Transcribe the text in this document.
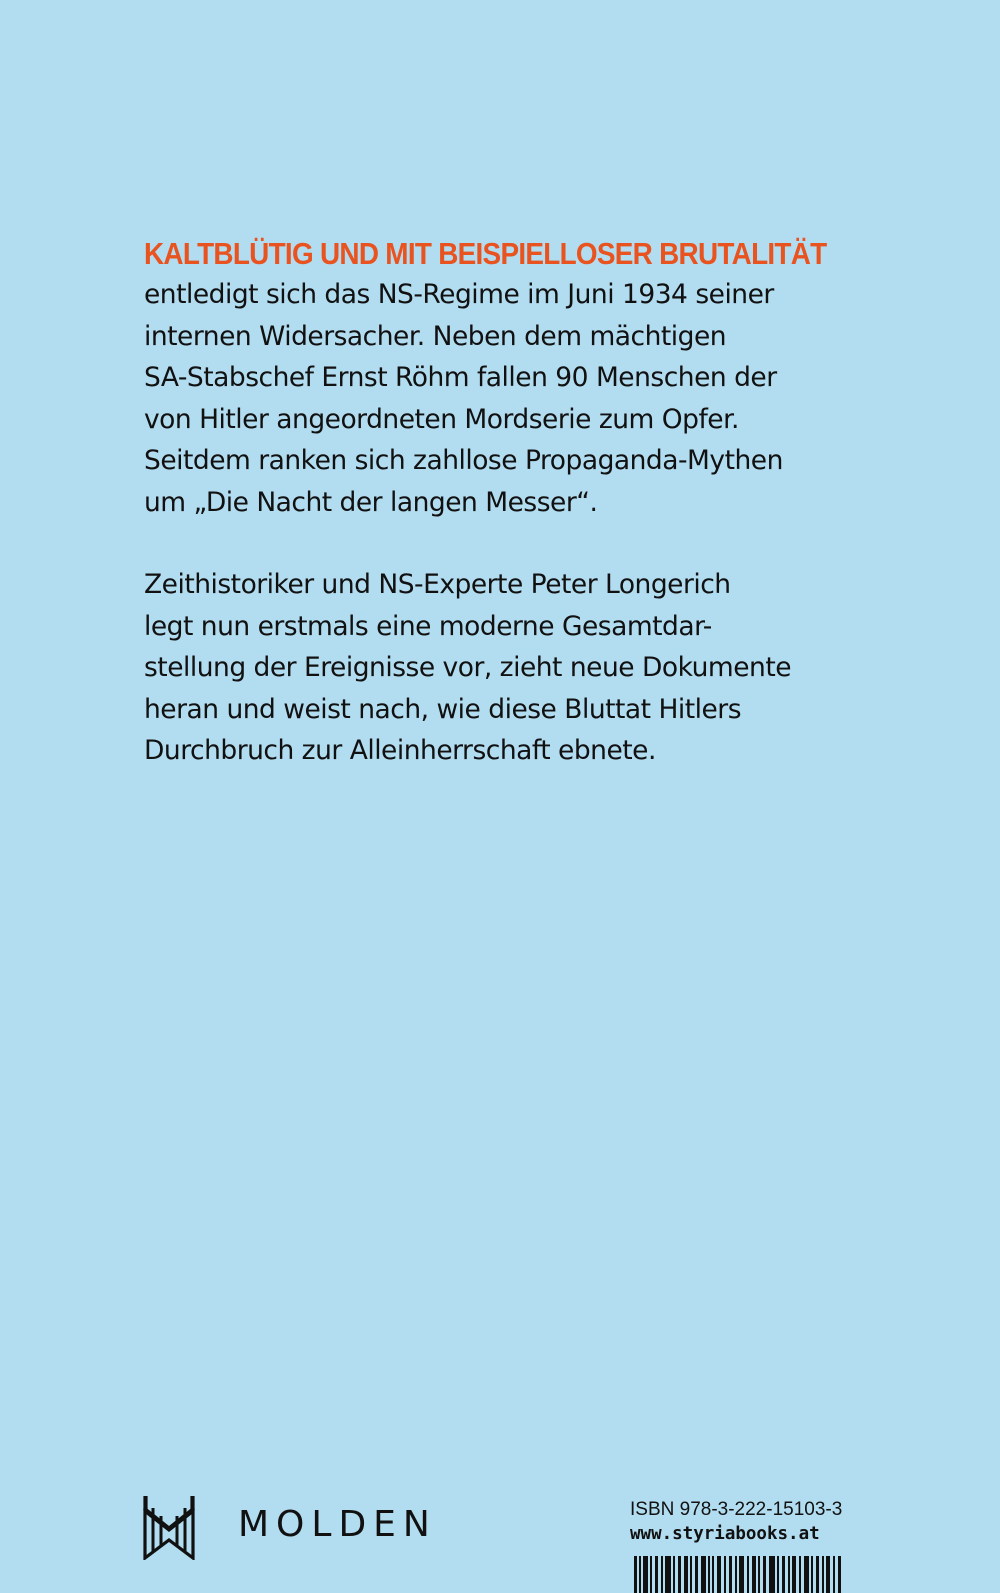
KALTBLÜTIG UND MIT BEISPIELLOSER BRUTALITÄT

entledigt sich das NS-Regime im Juni 1934 seiner
internen Widersacher. Neben dem mächtigen
SA-Stabschef Ernst Röhm fallen 90 Menschen der
von Hitler angeordneten Mordserie zum Opfer.
Seitdem ranken sich zahllose Propaganda-Mythen
um „Die Nacht der langen Messer“.

Zeithistoriker und NS-Experte Peter Longerich
legt nun erstmals eine moderne Gesamtdar-
stellung der Ereignisse vor, zieht neue Dokumente
heran und weist nach, wie diese Bluttat Hitlers
Durchbruch zur Alleinherrschaft ebnete.

MOLDEN	ISBN 978-3-222-15103-3

www.styriabooks.at
